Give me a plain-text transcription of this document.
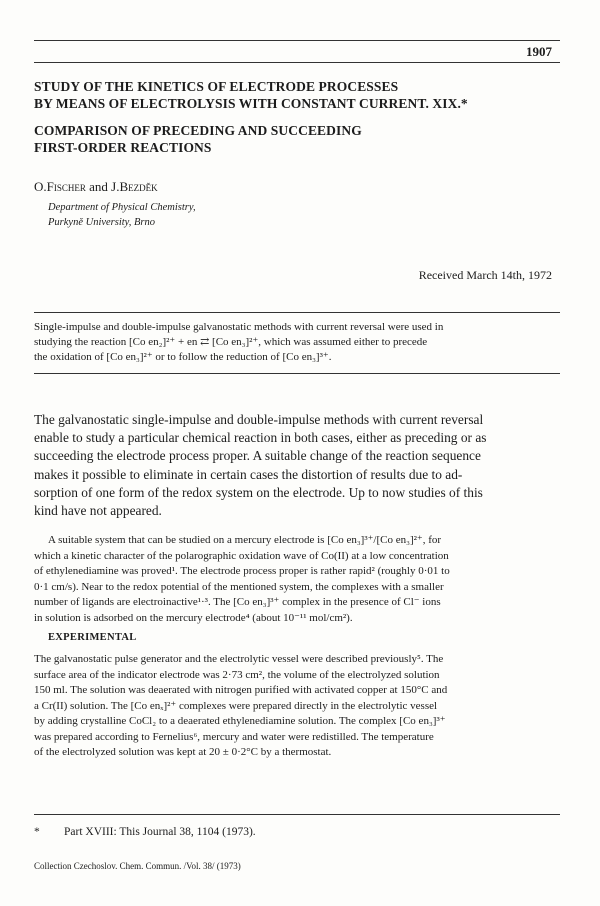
1907
STUDY OF THE KINETICS OF ELECTRODE PROCESSES
BY MEANS OF ELECTROLYSIS WITH CONSTANT CURRENT. XIX.*
COMPARISON OF PRECEDING AND SUCCEEDING
FIRST-ORDER REACTIONS
O.Fischer and J.Bezděk
Department of Physical Chemistry,
Purkyně University, Brno
Received March 14th, 1972
Single-impulse and double-impulse galvanostatic methods with current reversal were used in
studying the reaction [Co en₂]²⁺ + en ⇄ [Co en₃]²⁺, which was assumed either to precede
the oxidation of [Co en₃]²⁺ or to follow the reduction of [Co en₃]³⁺.
The galvanostatic single-impulse and double-impulse methods with current reversal
enable to study a particular chemical reaction in both cases, either as preceding or as
succeeding the electrode process proper. A suitable change of the reaction sequence
makes it possible to eliminate in certain cases the distortion of results due to ad-
sorption of one form of the redox system on the electrode. Up to now studies of this
kind have not appeared.
A suitable system that can be studied on a mercury electrode is [Co en₃]³⁺/[Co en₃]²⁺, for
which a kinetic character of the polarographic oxidation wave of Co(II) at a low concentration
of ethylenediamine was proved¹. The electrode process proper is rather rapid² (roughly 0·01 to
0·1 cm/s). Near to the redox potential of the mentioned system, the complexes with a smaller
number of ligands are electroinactive¹·³. The [Co en₃]³⁺ complex in the presence of Cl⁻ ions
in solution is adsorbed on the mercury electrode⁴ (about 10⁻¹¹ mol/cm²).
EXPERIMENTAL
The galvanostatic pulse generator and the electrolytic vessel were described previously⁵. The
surface area of the indicator electrode was 2·73 cm², the volume of the electrolyzed solution
150 ml. The solution was deaerated with nitrogen purified with activated copper at 150°C and
a Cr(II) solution. The [Co enₓ]²⁺ complexes were prepared directly in the electrolytic vessel
by adding crystalline CoCl₂ to a deaerated ethylenediamine solution. The complex [Co en₃]³⁺
was prepared according to Fernelius⁶, mercury and water were redistilled. The temperature
of the electrolyzed solution was kept at 20 ± 0·2°C by a thermostat.
* Part XVIII: This Journal 38, 1104 (1973).
Collection Czechoslov. Chem. Commun. /Vol. 38/ (1973)
